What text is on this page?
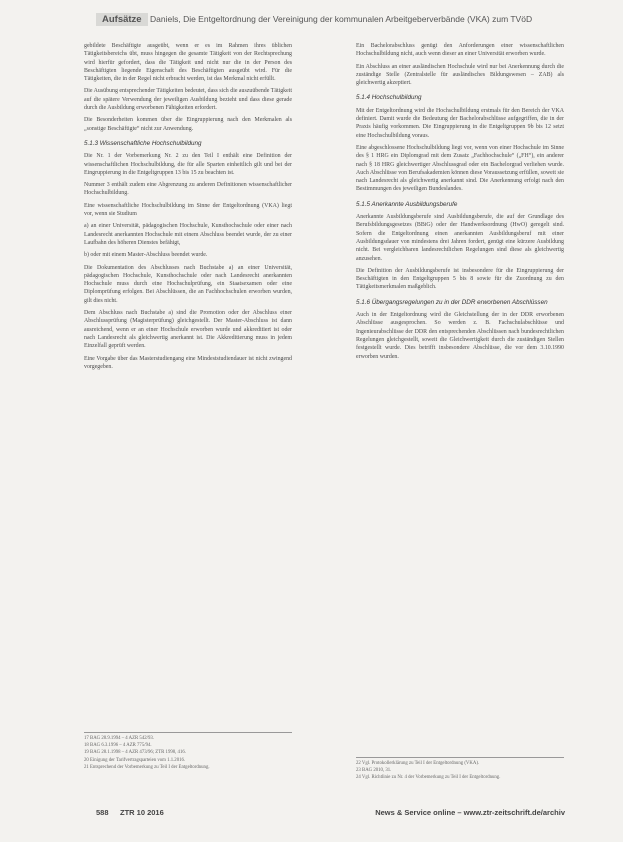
Aufsätze Daniels, Die Entgeltordnung der Vereinigung der kommunalen Arbeitgeberverbände (VKA) zum TVöD

gebildete Beschäftigte ausgeübt, wenn er es im Rahmen ihres üblichen Tätigkeitsbereichs übt, muss hingegen die gesamte Tätigkeit von der Rechtsprechung wird hierfür gefordert, dass die Tätigkeit und nicht nur die in der Person des Beschäftigten liegende Eigenschaft des Beschäftigten ausgeübt wird. Für die Tätigkeiten, die in der Regel nicht erbracht werden, ist das Merkmal nicht erfüllt.

Die Ausübung entsprechender Tätigkeiten bedeutet, dass sich die auszuübende Tätigkeit auf die spätere Verwendung der jeweiligen Ausbildung bezieht und dass diese gerade durch die Ausbildung erworbenen Fähigkeiten erfordert.

Die Besonderheiten kommen über die Eingruppierung nach den Merkmalen als „sonstige Beschäftigte“ nicht zur Anwendung.

5.1.3 Wissenschaftliche Hochschulbildung

Die Nr. 1 der Vorbemerkung Nr. 2 zu den Teil I enthält eine Definition der wissenschaftlichen Hochschulbildung, die für alle Sparten einheitlich gilt und bei der Eingruppierung in die Entgeltgruppen 13 bis 15 zu beachten ist.

Nummer 3 enthält zudem eine Abgrenzung zu anderen Definitionen wissenschaftlicher Hochschulbildung.

Eine wissenschaftliche Hochschulbildung im Sinne der Entgeltordnung (VKA) liegt vor, wenn sie Studium

a) an einer Universität, pädagogischen Hochschule, Kunsthochschule oder einer nach Landesrecht anerkannten Hochschule mit einem Abschluss beendet wurde, der zu einer Laufbahn des höheren Dienstes befähigt,

b) oder mit einem Master-Abschluss beendet wurde.

Die Dokumentation des Abschlusses nach Buchstabe a) an einer Universität, pädagogischen Hochschule, Kunsthochschule oder nach Landesrecht anerkannten Hochschule muss durch eine Hochschulprüfung, ein Staatsexamen oder eine Diplomprüfung erfolgen. Bei Abschlüssen, die an Fachhochschulen erworben wurden, gilt dies nicht.

Dem Abschluss nach Buchstabe a) sind die Promotion oder der Abschluss einer Abschlussprüfung (Magisterprüfung) gleichgestellt. Der Master-Abschluss ist dann ausreichend, wenn er an einer Hochschule erworben wurde und akkreditiert ist oder nach Landesrecht als gleichwertig anerkannt ist. Die Akkreditierung muss in jedem Einzelfall geprüft werden.

Eine Vorgabe über das Masterstudiengang eine Mindeststudiendauer ist nicht zwingend vorgegeben.

17 BAG 28.9.1994 – 4 AZR 542/93.
18 BAG 6.3.1996 – 4 AZR 775/94.
19 BAG 28.1.1998 – 4 AZR 473/96; ZTR 1998, 416.
20 Einigung der Tarifvertragsparteien vom 1.1.2016.
21 Entsprechend der Vorbemerkung zu Teil I der Entgeltordnung.

Ein Bachelorabschluss genügt den Anforderungen einer wissenschaftlichen Hochschulbildung nicht, auch wenn dieser an einer Universität erworben wurde.

Ein Abschluss an einer ausländischen Hochschule wird nur bei Anerkennung durch die zuständige Stelle (Zentralstelle für ausländisches Bildungswesen – ZAB) als gleichwertig akzeptiert.

5.1.4 Hochschulbildung

Mit der Entgeltordnung wird die Hochschulbildung erstmals für den Bereich der VKA definiert. Damit wurde die Bedeutung der Bachelorabschlüsse aufgegriffen, die in der Praxis häufig vorkommen. Die Eingruppierung in die Entgeltgruppen 9b bis 12 setzt eine Hochschulbildung voraus.

Eine abgeschlossene Hochschulbildung liegt vor, wenn von einer Hochschule im Sinne des § 1 HRG ein Diplomgrad mit dem Zusatz „Fachhochschule“ („FH“), ein anderer nach § 18 HRG gleichwertiger Abschlussgrad oder ein Bachelorgrad verliehen wurde. Auch Abschlüsse von Berufsakademien können diese Voraussetzung erfüllen, soweit sie nach Landesrecht als gleichwertig anerkannt sind. Die Anerkennung erfolgt nach den Bestimmungen des jeweiligen Bundeslandes.

5.1.5 Anerkannte Ausbildungsberufe

Anerkannte Ausbildungsberufe sind Ausbildungsberufe, die auf der Grundlage des Berufsbildungsgesetzes (BBiG) oder der Handwerksordnung (HwO) geregelt sind. Sofern die Entgeltordnung einen anerkannten Ausbildungsberuf mit einer Ausbildungsdauer von mindestens drei Jahren fordert, genügt eine kürzere Ausbildung nicht. Bei vergleichbaren landesrechtlichen Regelungen sind diese als gleichwertig anzusehen.

Die Definition der Ausbildungsberufe ist insbesondere für die Eingruppierung der Beschäftigten in den Entgeltgruppen 5 bis 8 sowie für die Zuordnung zu den Tätigkeitsmerkmalen maßgeblich.

5.1.6 Übergangsregelungen zu in der DDR erworbenen Abschlüssen

Auch in der Entgeltordnung wird die Gleichstellung der in der DDR erworbenen Abschlüsse ausgesprochen. So werden z. B. Fachschulabschlüsse und Ingenieurabschlüsse der DDR den entsprechenden Abschlüssen nach bundesrechtlichen Regelungen gleichgestellt, soweit die Gleichwertigkeit durch die zuständigen Stellen festgestellt wurde. Dies betrifft insbesondere Abschlüsse, die vor dem 3.10.1990 erworben wurden.

22 Vgl. Protokollerklärung zu Teil I der Entgeltordnung (VKA).
23 BAG 2010, 31.
24 Vgl. Richtlinie zu Nr. 4 der Vorbemerkung zu Teil I der Entgeltordnung.
588 ZTR 10 2016	News & Service online – www.ztr-zeitschrift.de/archiv
